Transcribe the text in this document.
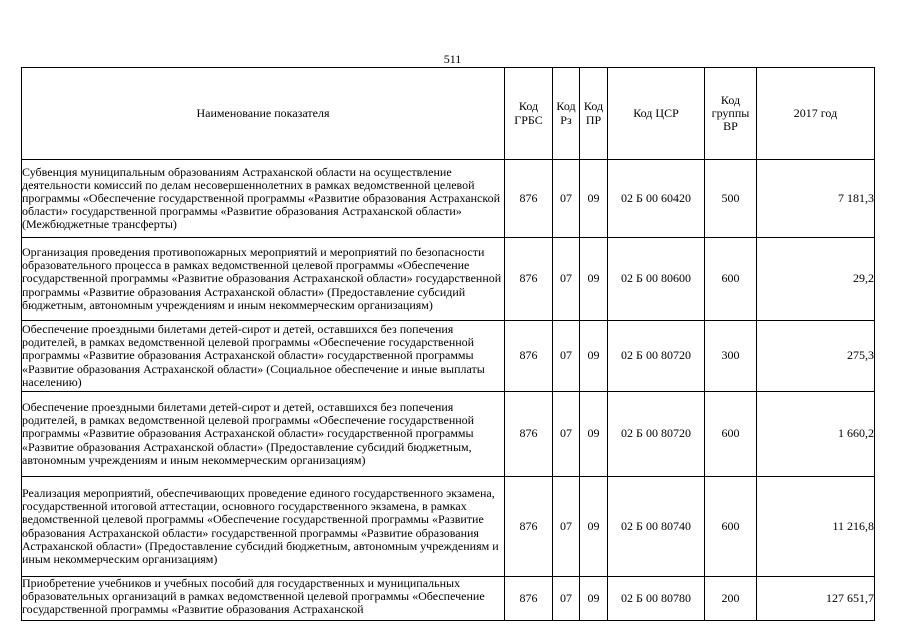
511
Наименование показателя	Код ГРБС	Код Рз	Код ПР	Код ЦСР	Код группы ВР	2017 год
Субвенция муниципальным образованиям Астраханской области на осуществление деятельности комиссий по делам несовершеннолетних в рамках ведомственной целевой программы «Обеспечение государственной программы «Развитие образования Астраханской области» государственной программы «Развитие образования Астраханской области» (Межбюджетные трансферты)	876	07	09	02 Б 00 60420	500	7 181,3
Организация проведения противопожарных мероприятий и мероприятий по безопасности образовательного процесса в рамках ведомственной целевой программы «Обеспечение государственной программы «Развитие образования Астраханской области» государственной программы «Развитие образования Астраханской области» (Предоставление субсидий бюджетным, автономным учреждениям и иным некоммерческим организациям)	876	07	09	02 Б 00 80600	600	29,2
Обеспечение проездными билетами детей-сирот и детей, оставшихся без попечения родителей, в рамках ведомственной целевой программы «Обеспечение государственной программы «Развитие образования Астраханской области» государственной программы «Развитие образования Астраханской области» (Социальное обеспечение и иные выплаты населению)	876	07	09	02 Б 00 80720	300	275,3
Обеспечение проездными билетами детей-сирот и детей, оставшихся без попечения родителей, в рамках ведомственной целевой программы «Обеспечение государственной программы «Развитие образования Астраханской области» государственной программы «Развитие образования Астраханской области» (Предоставление субсидий бюджетным, автономным учреждениям и иным некоммерческим организациям)	876	07	09	02 Б 00 80720	600	1 660,2
Реализация мероприятий, обеспечивающих проведение единого государственного экзамена, государственной итоговой аттестации, основного государственного экзамена, в рамках ведомственной целевой программы «Обеспечение государственной программы «Развитие образования Астраханской области» государственной программы «Развитие образования Астраханской области» (Предоставление субсидий бюджетным, автономным учреждениям и иным некоммерческим организациям)	876	07	09	02 Б 00 80740	600	11 216,8
Приобретение учебников и учебных пособий для государственных и муниципальных образовательных организаций в рамках ведомственной целевой программы «Обеспечение государственной программы «Развитие образования Астраханской	876	07	09	02 Б 00 80780	200	127 651,7
